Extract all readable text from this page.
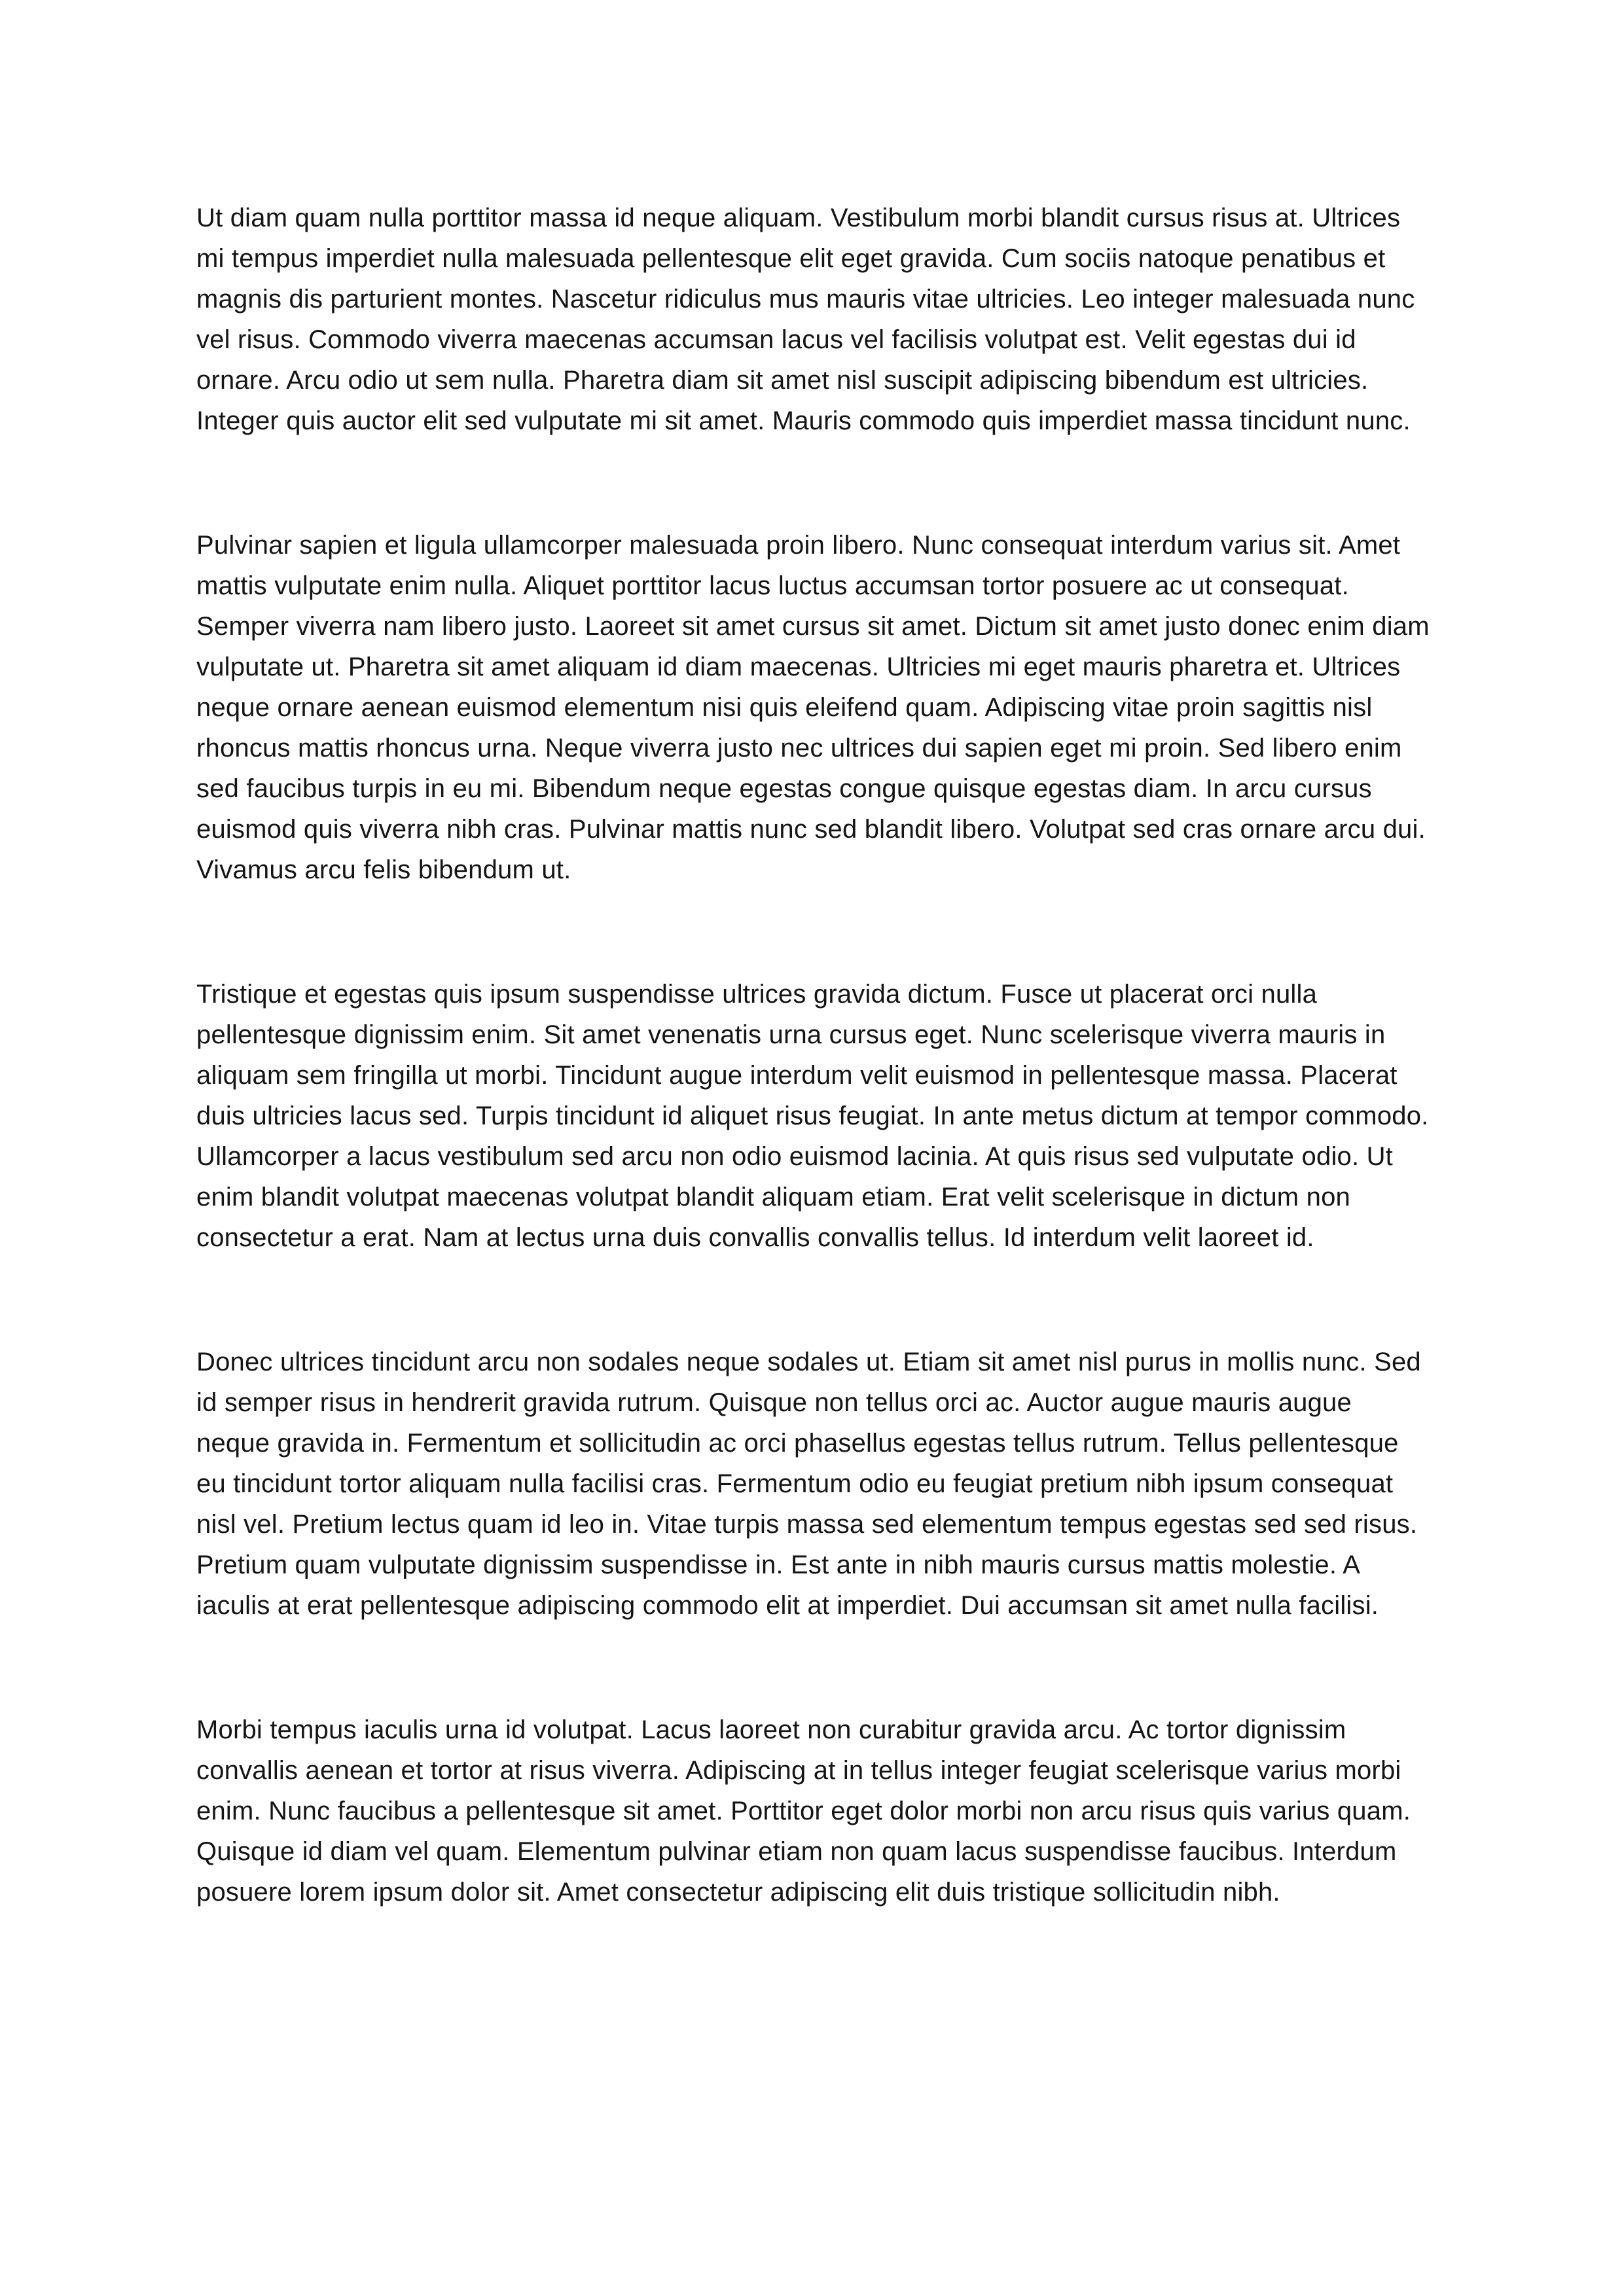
Ut diam quam nulla porttitor massa id neque aliquam. Vestibulum morbi blandit cursus risus at. Ultrices mi tempus imperdiet nulla malesuada pellentesque elit eget gravida. Cum sociis natoque penatibus et magnis dis parturient montes. Nascetur ridiculus mus mauris vitae ultricies. Leo integer malesuada nunc vel risus. Commodo viverra maecenas accumsan lacus vel facilisis volutpat est. Velit egestas dui id ornare. Arcu odio ut sem nulla. Pharetra diam sit amet nisl suscipit adipiscing bibendum est ultricies. Integer quis auctor elit sed vulputate mi sit amet. Mauris commodo quis imperdiet massa tincidunt nunc.

Pulvinar sapien et ligula ullamcorper malesuada proin libero. Nunc consequat interdum varius sit. Amet mattis vulputate enim nulla. Aliquet porttitor lacus luctus accumsan tortor posuere ac ut consequat. Semper viverra nam libero justo. Laoreet sit amet cursus sit amet. Dictum sit amet justo donec enim diam vulputate ut. Pharetra sit amet aliquam id diam maecenas. Ultricies mi eget mauris pharetra et. Ultrices neque ornare aenean euismod elementum nisi quis eleifend quam. Adipiscing vitae proin sagittis nisl rhoncus mattis rhoncus urna. Neque viverra justo nec ultrices dui sapien eget mi proin. Sed libero enim sed faucibus turpis in eu mi. Bibendum neque egestas congue quisque egestas diam. In arcu cursus euismod quis viverra nibh cras. Pulvinar mattis nunc sed blandit libero. Volutpat sed cras ornare arcu dui. Vivamus arcu felis bibendum ut.

Tristique et egestas quis ipsum suspendisse ultrices gravida dictum. Fusce ut placerat orci nulla pellentesque dignissim enim. Sit amet venenatis urna cursus eget. Nunc scelerisque viverra mauris in aliquam sem fringilla ut morbi. Tincidunt augue interdum velit euismod in pellentesque massa. Placerat duis ultricies lacus sed. Turpis tincidunt id aliquet risus feugiat. In ante metus dictum at tempor commodo. Ullamcorper a lacus vestibulum sed arcu non odio euismod lacinia. At quis risus sed vulputate odio. Ut enim blandit volutpat maecenas volutpat blandit aliquam etiam. Erat velit scelerisque in dictum non consectetur a erat. Nam at lectus urna duis convallis convallis tellus. Id interdum velit laoreet id.

Donec ultrices tincidunt arcu non sodales neque sodales ut. Etiam sit amet nisl purus in mollis nunc. Sed id semper risus in hendrerit gravida rutrum. Quisque non tellus orci ac. Auctor augue mauris augue neque gravida in. Fermentum et sollicitudin ac orci phasellus egestas tellus rutrum. Tellus pellentesque eu tincidunt tortor aliquam nulla facilisi cras. Fermentum odio eu feugiat pretium nibh ipsum consequat nisl vel. Pretium lectus quam id leo in. Vitae turpis massa sed elementum tempus egestas sed sed risus. Pretium quam vulputate dignissim suspendisse in. Est ante in nibh mauris cursus mattis molestie. A iaculis at erat pellentesque adipiscing commodo elit at imperdiet. Dui accumsan sit amet nulla facilisi.

Morbi tempus iaculis urna id volutpat. Lacus laoreet non curabitur gravida arcu. Ac tortor dignissim convallis aenean et tortor at risus viverra. Adipiscing at in tellus integer feugiat scelerisque varius morbi enim. Nunc faucibus a pellentesque sit amet. Porttitor eget dolor morbi non arcu risus quis varius quam. Quisque id diam vel quam. Elementum pulvinar etiam non quam lacus suspendisse faucibus. Interdum posuere lorem ipsum dolor sit. Amet consectetur adipiscing elit duis tristique sollicitudin nibh.
